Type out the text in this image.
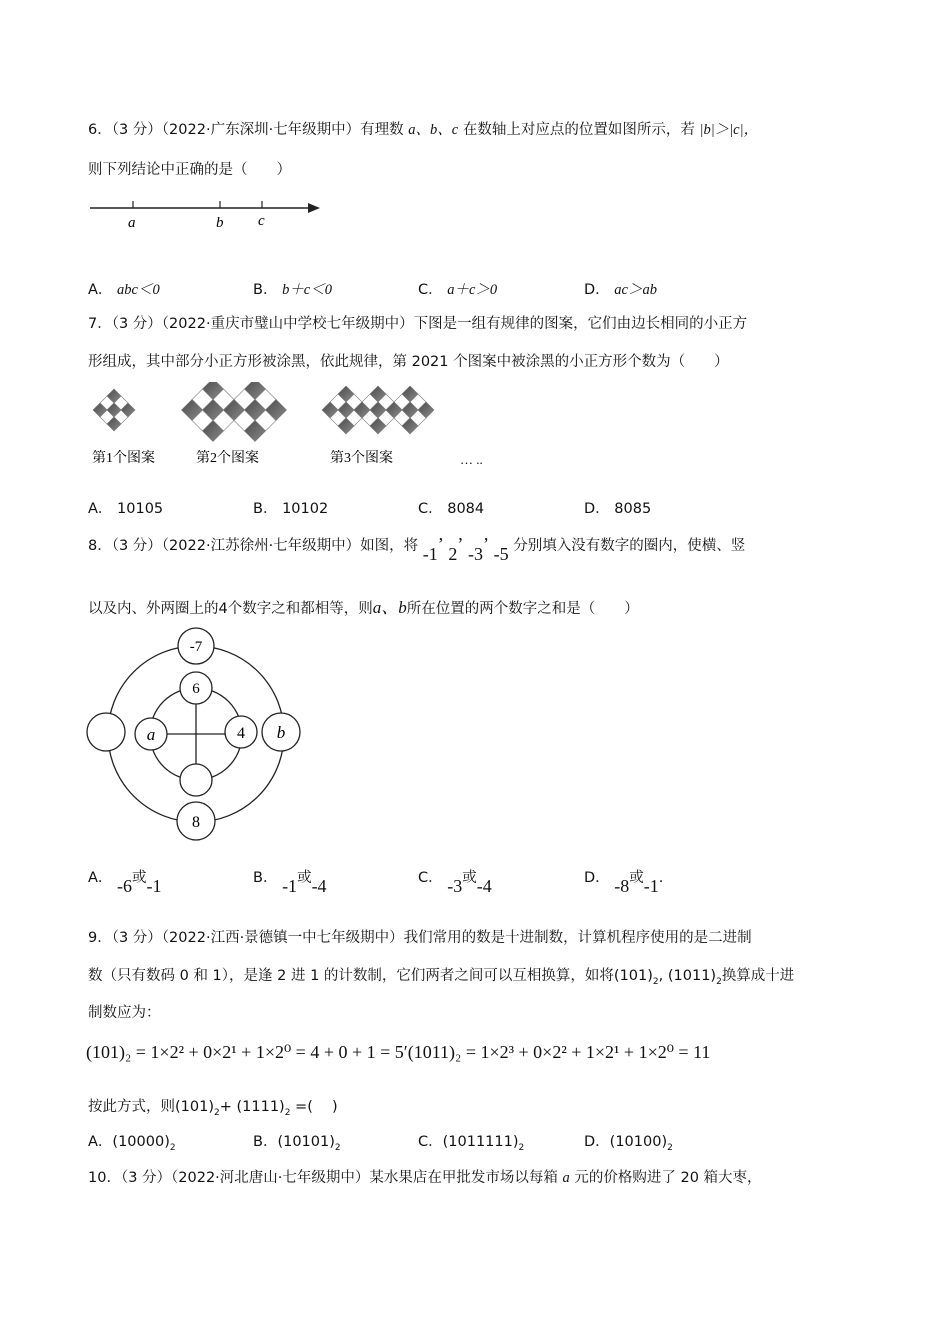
6．（3 分）（2022·广东深圳·七年级期中）有理数 a、b、c 在数轴上对应点的位置如图所示，若 |b|＞|c|，
则下列结论中正确的是（　　）
a	b c
A． abc＜0	B． b＋c＜0	C． a＋c＞0	D． ac＞ab
7．（3 分）（2022·重庆市璧山中学校七年级期中）下图是一组有规律的图案，它们由边长相同的小正方
形组成，其中部分小正方形被涂黑，依此规律，第 2021 个图案中被涂黑的小正方形个数为（　　）
第1个图案	第2个图案	第3个图案	… ..
A． 10105	B． 10102	C． 8084	D． 8085
8．（3 分）（2022·江苏徐州·七年级期中）如图，将 -1’ 2’ -3’ -5 分别填入没有数字的圈内，使横、竖
以及内、外两圈上的4个数字之和都相等，则a、b所在位置的两个数字之和是（　　）
-7
6
a	4 b
8
A． -6或-1	B． -1或-4	C． -3或-4	D． -8或-1.
9．（3 分）（2022·江西·景德镇一中七年级期中）我们常用的数是十进制数，计算机程序使用的是二进制
数（只有数码 0 和 1），是逢 2 进 1 的计数制，它们两者之间可以互相换算，如将$(101)_2$, $(1011)_2$换算成十进
制数应为：
(101)₂ = 1×2² + 0×2¹ + 1×2⁰ = 4 + 0 + 1 = 5′(1011)₂ = 1×2³ + 0×2² + 1×2¹ + 1×2⁰ = 11
按此方式，则$(101)_2+ (1111)_2$ =(　 )
A．$(10000)_2$	B．$(10101)_2$	C．$(1011111)_2$	D．$(10100)_2$
10．（3 分）（2022·河北唐山·七年级期中）某水果店在甲批发市场以每箱 a 元的价格购进了 20 箱大枣，
